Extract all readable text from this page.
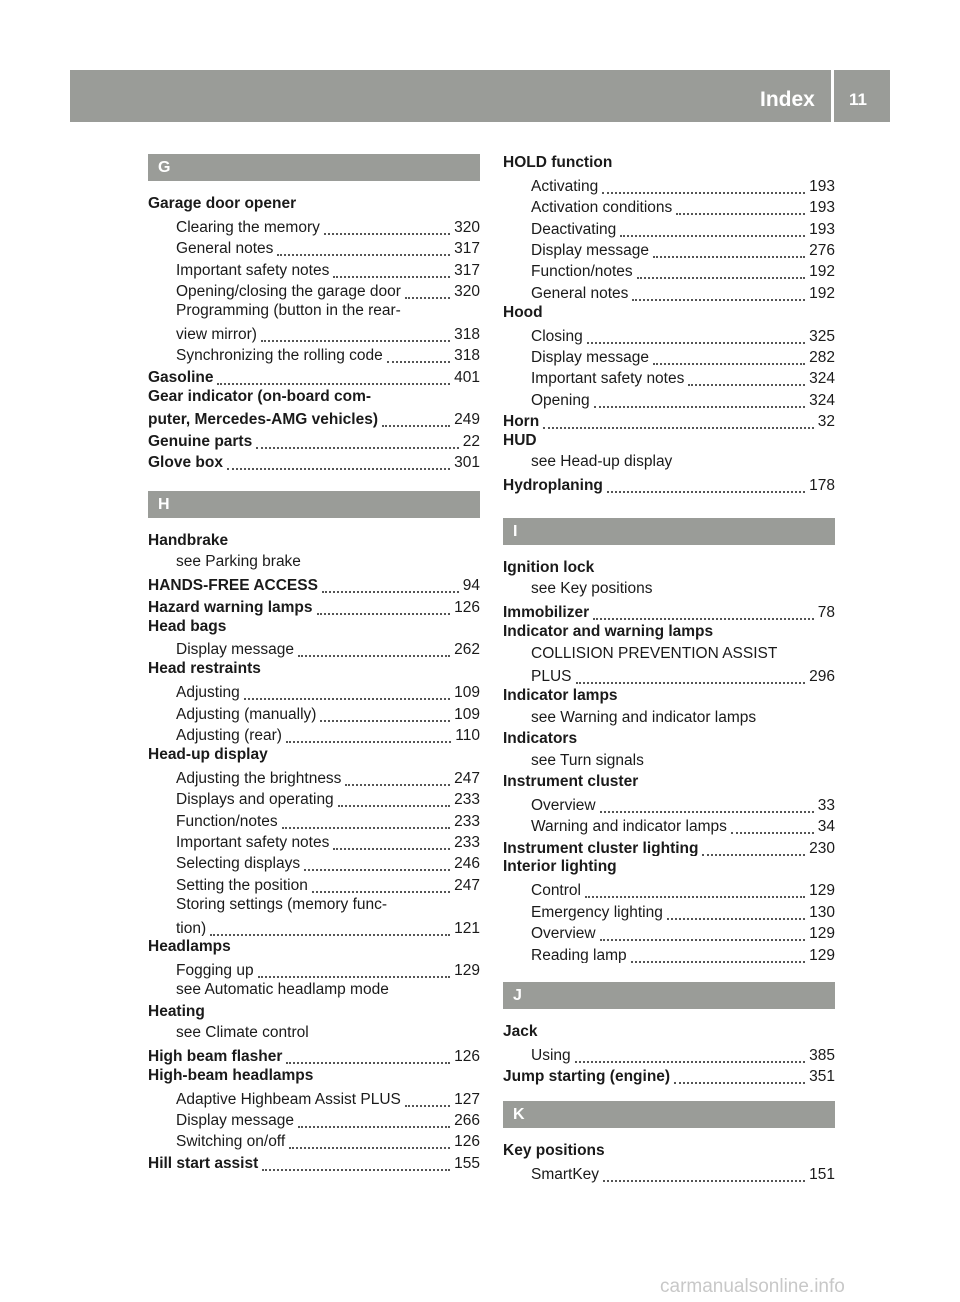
Index	11
G
Garage door opener
Clearing the memory	320
General notes	317
Important safety notes	317
Opening/closing the garage door	320
Programming (button in the rear-
view mirror)	318
Synchronizing the rolling code	318
Gasoline	401
Gear indicator (on-board com-
puter, Mercedes-AMG vehicles)	249
Genuine parts	22
Glove box	301
H
Handbrake
see Parking brake
HANDS-FREE ACCESS	94
Hazard warning lamps	126
Head bags
Display message	262
Head restraints
Adjusting	109
Adjusting (manually)	109
Adjusting (rear)	110
Head-up display
Adjusting the brightness	247
Displays and operating	233
Function/notes	233
Important safety notes	233
Selecting displays	246
Setting the position	247
Storing settings (memory func-
tion)	121
Headlamps
Fogging up	129
see Automatic headlamp mode
Heating
see Climate control
High beam flasher	126
High-beam headlamps
Adaptive Highbeam Assist PLUS	127
Display message	266
Switching on/off	126
Hill start assist	155
HOLD function
Activating	193
Activation conditions	193
Deactivating	193
Display message	276
Function/notes	192
General notes	192
Hood
Closing	325
Display message	282
Important safety notes	324
Opening	324
Horn	32
HUD
see Head-up display
Hydroplaning	178
I
Ignition lock
see Key positions
Immobilizer	78
Indicator and warning lamps
COLLISION PREVENTION ASSIST
PLUS	296
Indicator lamps
see Warning and indicator lamps
Indicators
see Turn signals
Instrument cluster
Overview	33
Warning and indicator lamps	34
Instrument cluster lighting	230
Interior lighting
Control	129
Emergency lighting	130
Overview	129
Reading lamp	129
J
Jack
Using	385
Jump starting (engine)	351
K
Key positions
SmartKey	151
carmanualsonline.info
